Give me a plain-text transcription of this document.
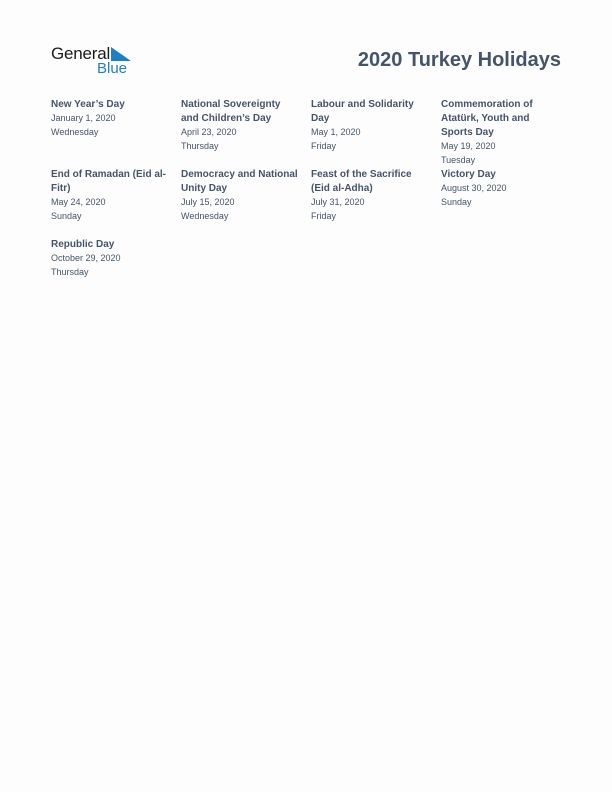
General
Blue	2020 Turkey Holidays
New Year’s Day
January 1, 2020
Wednesday
National Sovereignty and Children’s Day
April 23, 2020
Thursday
Labour and Solidarity Day
May 1, 2020
Friday
Commemoration of Atatürk, Youth and Sports Day
May 19, 2020
Tuesday
End of Ramadan (Eid al-Fitr)
May 24, 2020
Sunday
Democracy and National Unity Day
July 15, 2020
Wednesday
Feast of the Sacrifice (Eid al-Adha)
July 31, 2020
Friday
Victory Day
August 30, 2020
Sunday
Republic Day
October 29, 2020
Thursday
